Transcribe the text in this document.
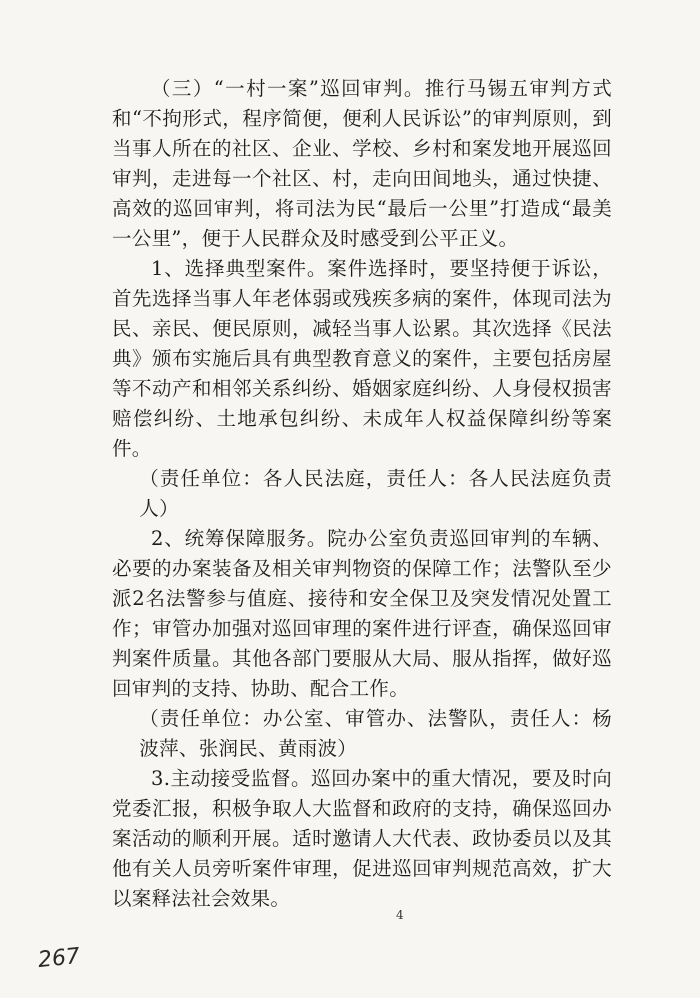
（三）“一村一案”巡回审判。推行马锡五审判方式和“不拘形式，程序简便，便利人民诉讼”的审判原则，到当事人所在的社区、企业、学校、乡村和案发地开展巡回审判，走进每一个社区、村，走向田间地头，通过快捷、高效的巡回审判，将司法为民“最后一公里”打造成“最美一公里”，便于人民群众及时感受到公平正义。

1、选择典型案件。案件选择时，要坚持便于诉讼，首先选择当事人年老体弱或残疾多病的案件，体现司法为民、亲民、便民原则，减轻当事人讼累。其次选择《民法典》颁布实施后具有典型教育意义的案件，主要包括房屋等不动产和相邻关系纠纷、婚姻家庭纠纷、人身侵权损害赔偿纠纷、土地承包纠纷、未成年人权益保障纠纷等案件。

（责任单位：各人民法庭，责任人：各人民法庭负责人）

2、统筹保障服务。院办公室负责巡回审判的车辆、必要的办案装备及相关审判物资的保障工作；法警队至少派2名法警参与值庭、接待和安全保卫及突发情况处置工作；审管办加强对巡回审理的案件进行评查，确保巡回审判案件质量。其他各部门要服从大局、服从指挥，做好巡回审判的支持、协助、配合工作。

（责任单位：办公室、审管办、法警队，责任人：杨波萍、张润民、黄雨波）

3.主动接受监督。巡回办案中的重大情况，要及时向党委汇报，积极争取人大监督和政府的支持，确保巡回办案活动的顺利开展。适时邀请人大代表、政协委员以及其他有关人员旁听案件审理，促进巡回审判规范高效，扩大以案释法社会效果。

4
267
